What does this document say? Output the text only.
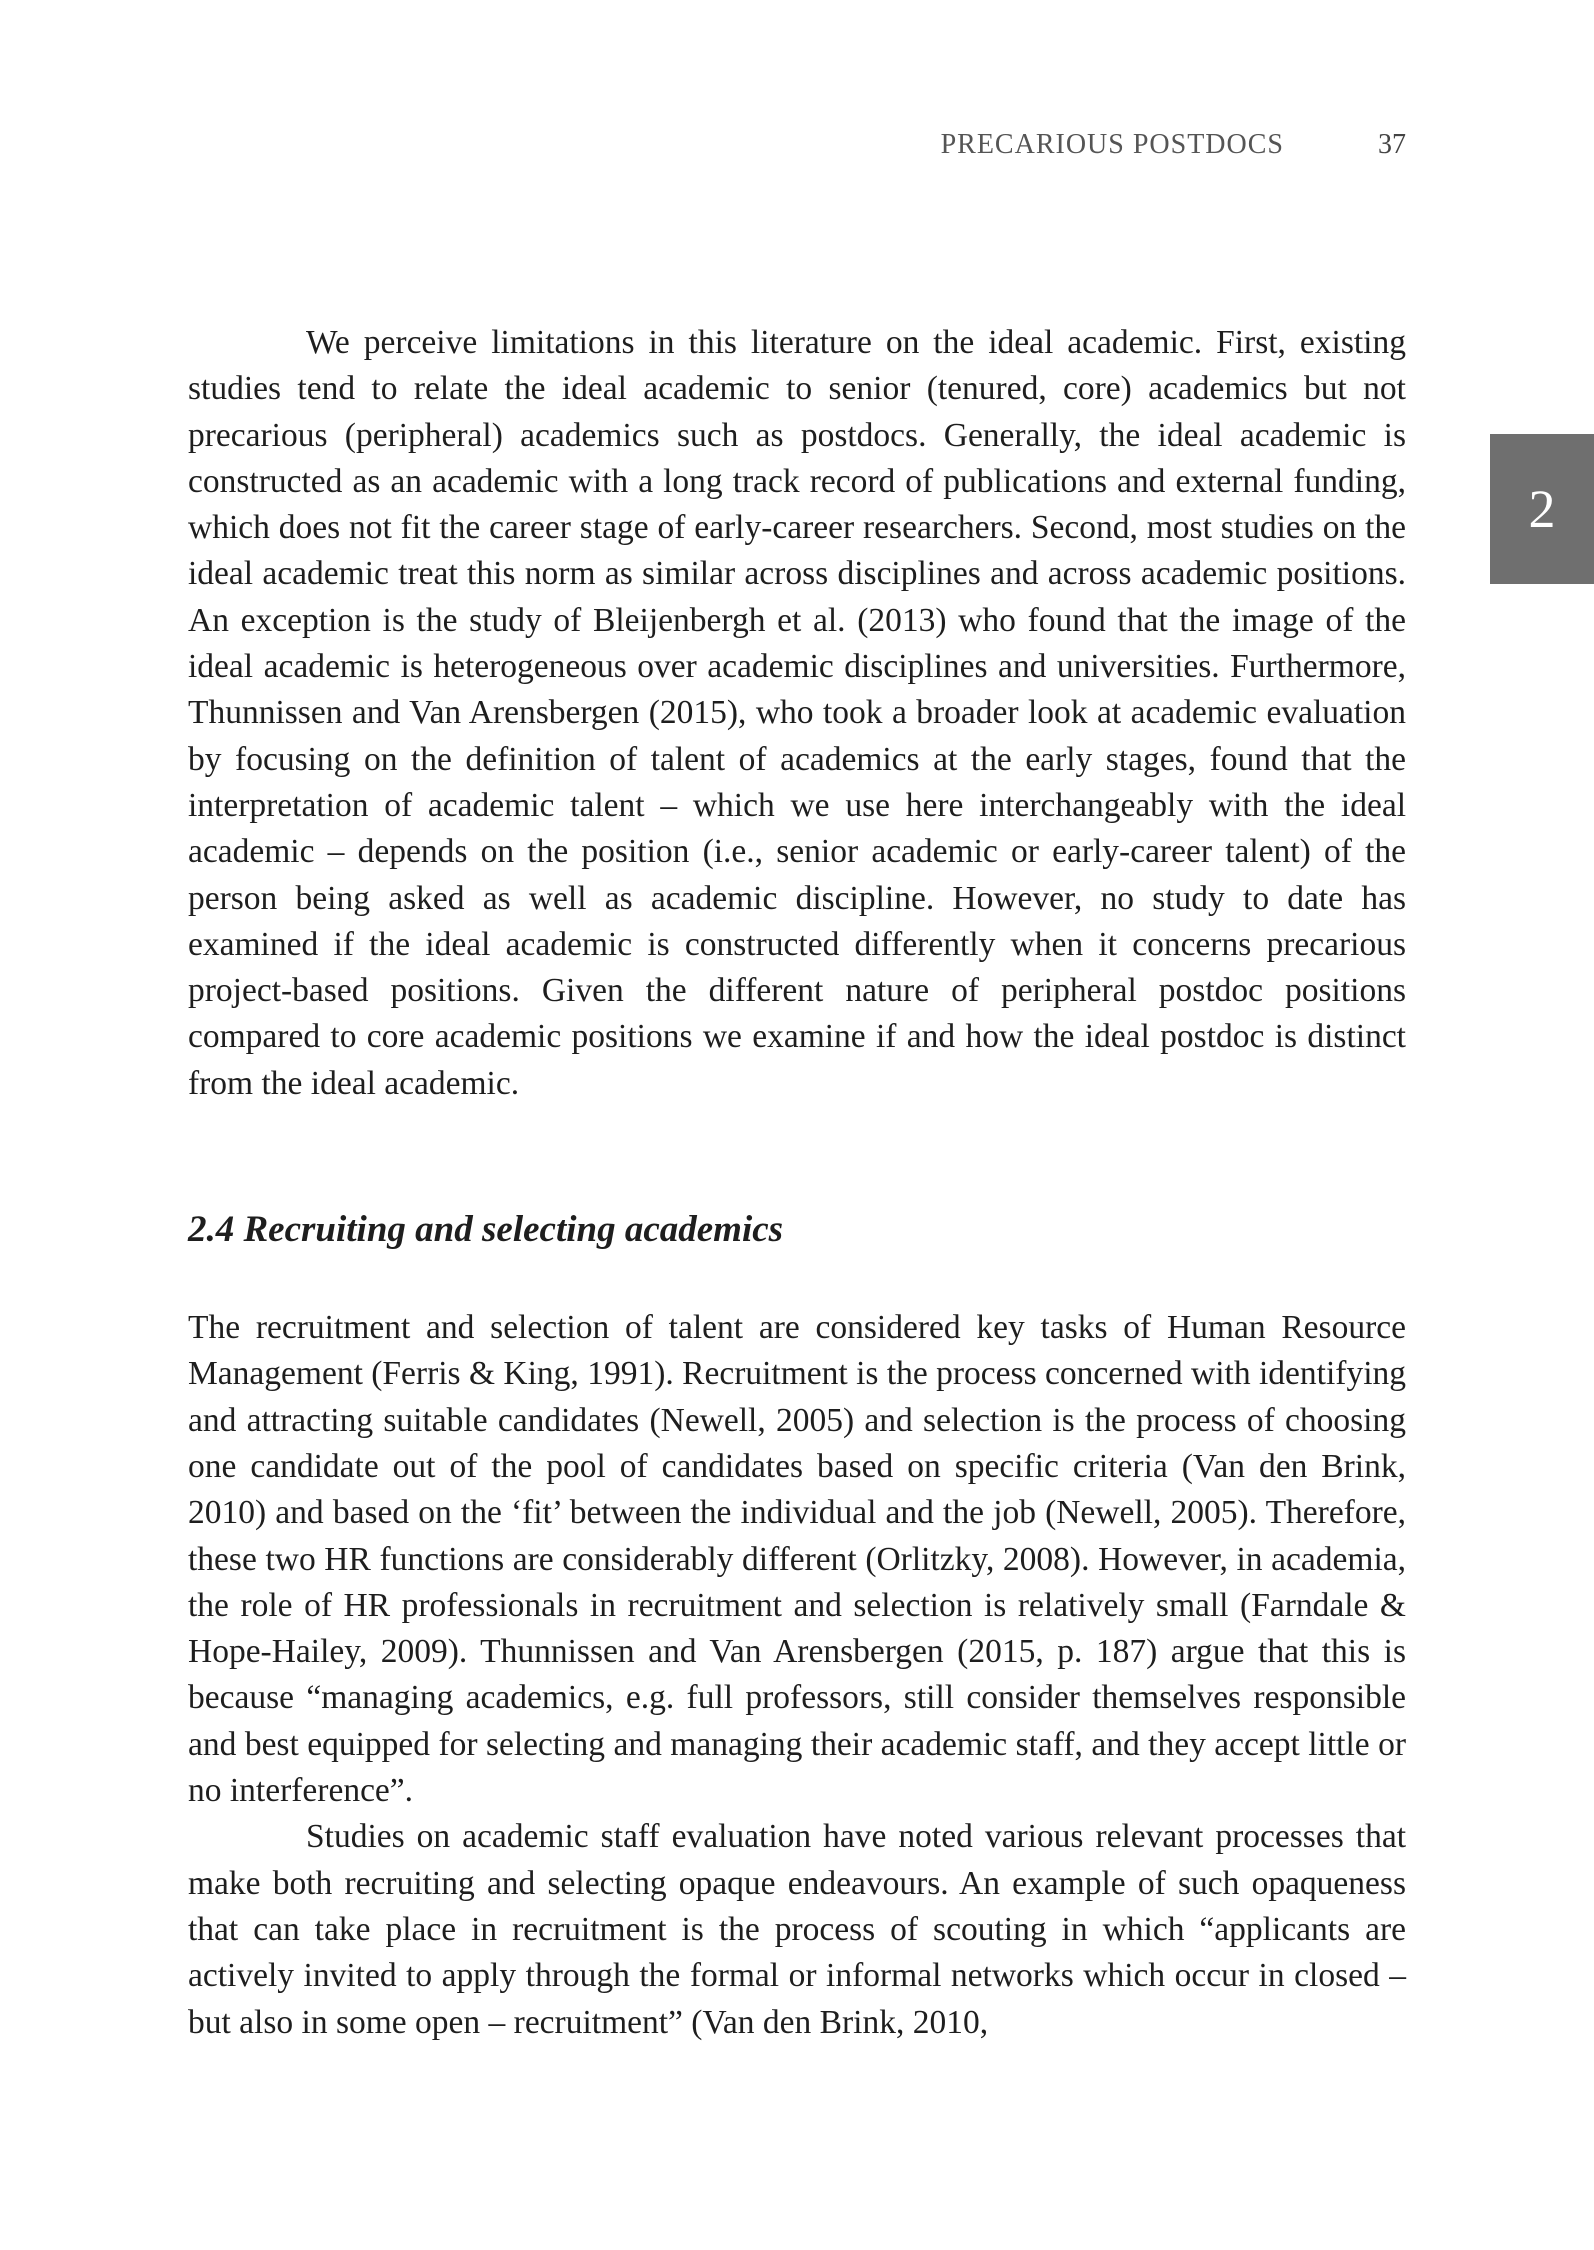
PRECARIOUS POSTDOCS	37
2

We perceive limitations in this literature on the ideal academic. First, existing studies tend to relate the ideal academic to senior (tenured, core) academics but not precarious (peripheral) academics such as postdocs. Generally, the ideal academic is constructed as an academic with a long track record of publications and external funding, which does not fit the career stage of early-career researchers. Second, most studies on the ideal academic treat this norm as similar across disciplines and across academic positions. An exception is the study of Bleijenbergh et al. (2013) who found that the image of the ideal academic is heterogeneous over academic disciplines and universities. Furthermore, Thunnissen and Van Arensbergen (2015), who took a broader look at academic evaluation by focusing on the definition of talent of academics at the early stages, found that the interpretation of academic talent – which we use here interchangeably with the ideal academic – depends on the position (i.e., senior academic or early-career talent) of the person being asked as well as academic discipline. However, no study to date has examined if the ideal academic is constructed differently when it concerns precarious project-based positions. Given the different nature of peripheral postdoc positions compared to core academic positions we examine if and how the ideal postdoc is distinct from the ideal academic.

2.4 Recruiting and selecting academics

The recruitment and selection of talent are considered key tasks of Human Resource Management (Ferris & King, 1991). Recruitment is the process concerned with identifying and attracting suitable candidates (Newell, 2005) and selection is the process of choosing one candidate out of the pool of candidates based on specific criteria (Van den Brink, 2010) and based on the ‘fit’ between the individual and the job (Newell, 2005). Therefore, these two HR functions are considerably different (Orlitzky, 2008). However, in academia, the role of HR professionals in recruitment and selection is relatively small (Farndale & Hope-Hailey, 2009). Thunnissen and Van Arensbergen (2015, p. 187) argue that this is because “managing academics, e.g. full professors, still consider themselves responsible and best equipped for selecting and managing their academic staff, and they accept little or no interference”.

Studies on academic staff evaluation have noted various relevant processes that make both recruiting and selecting opaque endeavours. An example of such opaqueness that can take place in recruitment is the process of scouting in which “applicants are actively invited to apply through the formal or informal networks which occur in closed – but also in some open – recruitment” (Van den Brink, 2010,
